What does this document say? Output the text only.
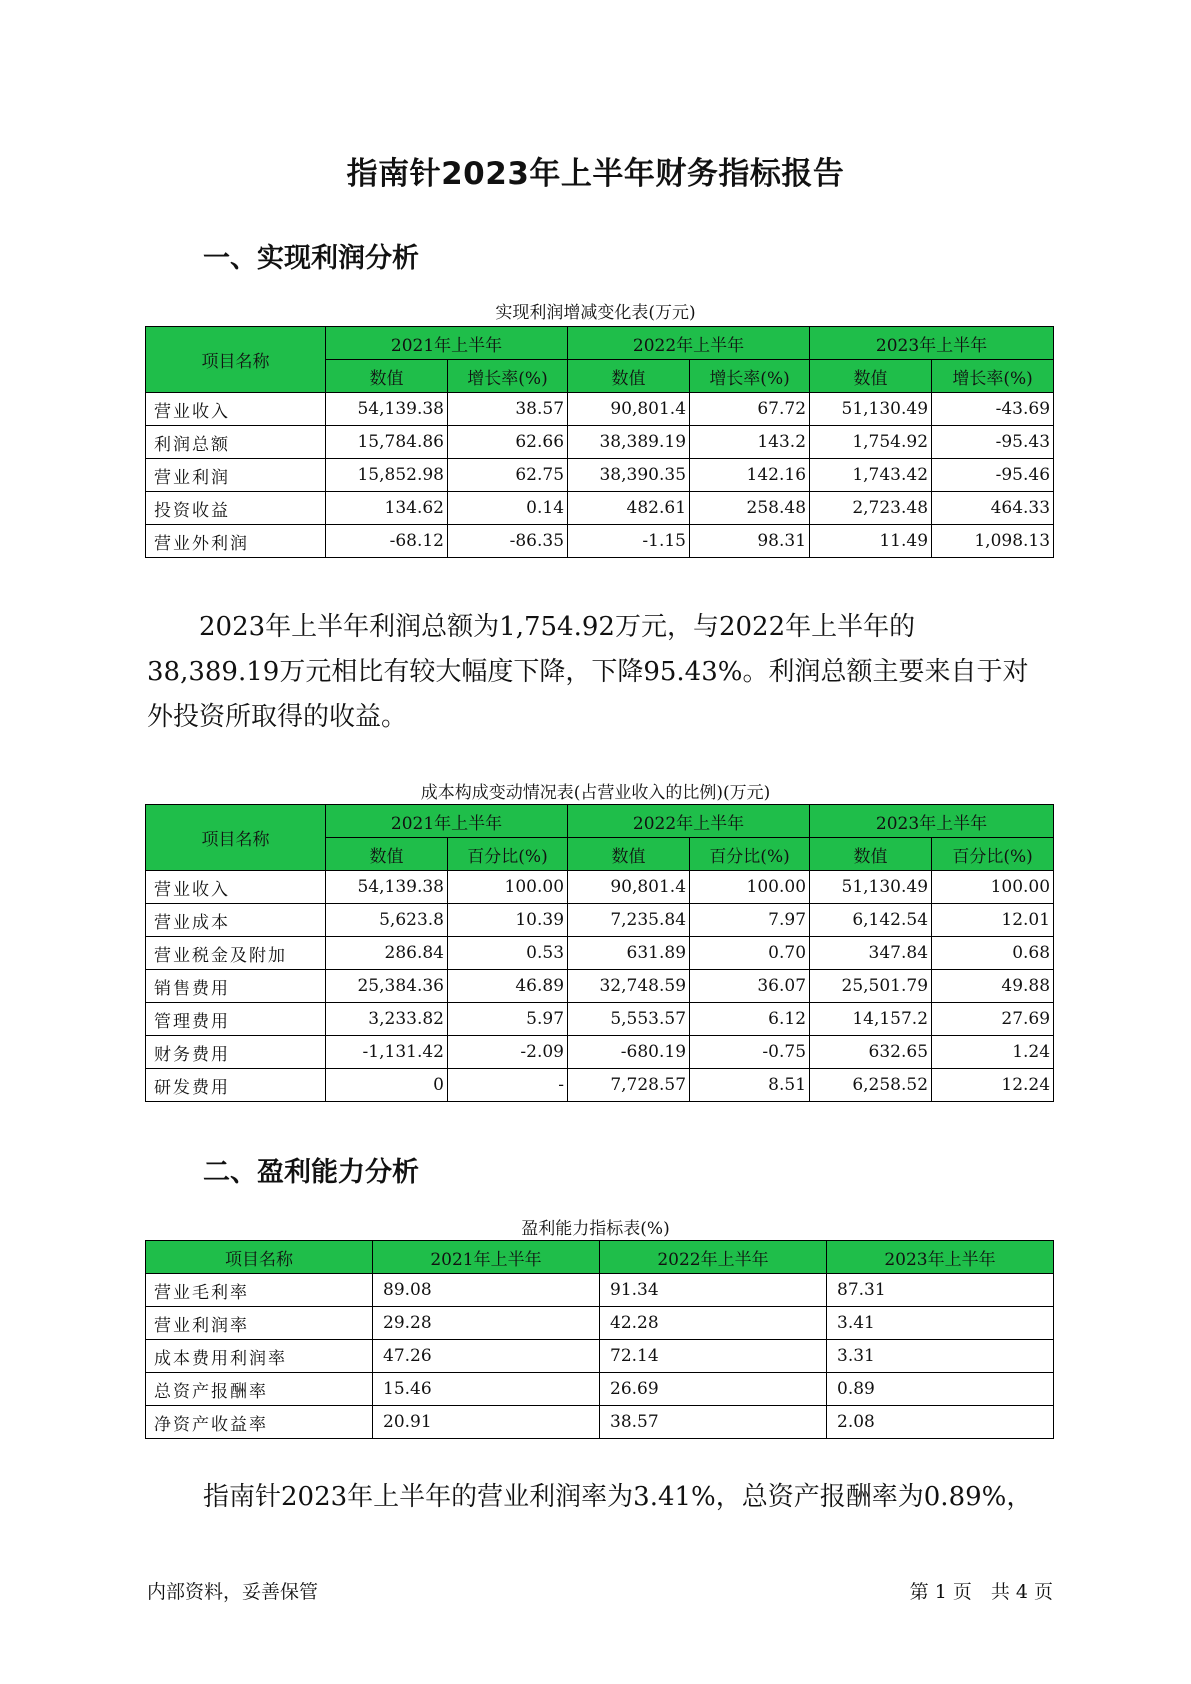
指南针2023年上半年财务指标报告
一、实现利润分析
实现利润增减变化表(万元)
项目名称	2021年上半年		2022年上半年		2023年上半年	
	数值	增长率(%)	数值	增长率(%)	数值	增长率(%)
营业收入	54,139.38	38.57	90,801.4	67.72	51,130.49	-43.69
利润总额	15,784.86	62.66	38,389.19	143.2	1,754.92	-95.43
营业利润	15,852.98	62.75	38,390.35	142.16	1,743.42	-95.46
投资收益	134.62	0.14	482.61	258.48	2,723.48	464.33
营业外利润	-68.12	-86.35	-1.15	98.31	11.49	1,098.13
2023年上半年利润总额为1,754.92万元，与2022年上半年的38,389.19万元相比有较大幅度下降，下降95.43%。利润总额主要来自于对外投资所取得的收益。
成本构成变动情况表(占营业收入的比例)(万元)
项目名称	2021年上半年		2022年上半年		2023年上半年	
	数值	百分比(%)	数值	百分比(%)	数值	百分比(%)
营业收入	54,139.38	100.00	90,801.4	100.00	51,130.49	100.00
营业成本	5,623.8	10.39	7,235.84	7.97	6,142.54	12.01
营业税金及附加	286.84	0.53	631.89	0.70	347.84	0.68
销售费用	25,384.36	46.89	32,748.59	36.07	25,501.79	49.88
管理费用	3,233.82	5.97	5,553.57	6.12	14,157.2	27.69
财务费用	-1,131.42	-2.09	-680.19	-0.75	632.65	1.24
研发费用	0	-	7,728.57	8.51	6,258.52	12.24
二、盈利能力分析
盈利能力指标表(%)
项目名称	2021年上半年	2022年上半年	2023年上半年
营业毛利率	89.08	91.34	87.31
营业利润率	29.28	42.28	3.41
成本费用利润率	47.26	72.14	3.31
总资产报酬率	15.46	26.69	0.89
净资产收益率	20.91	38.57	2.08
指南针2023年上半年的营业利润率为3.41%，总资产报酬率为0.89%，
内部资料，妥善保管	第 1 页　共 4 页
